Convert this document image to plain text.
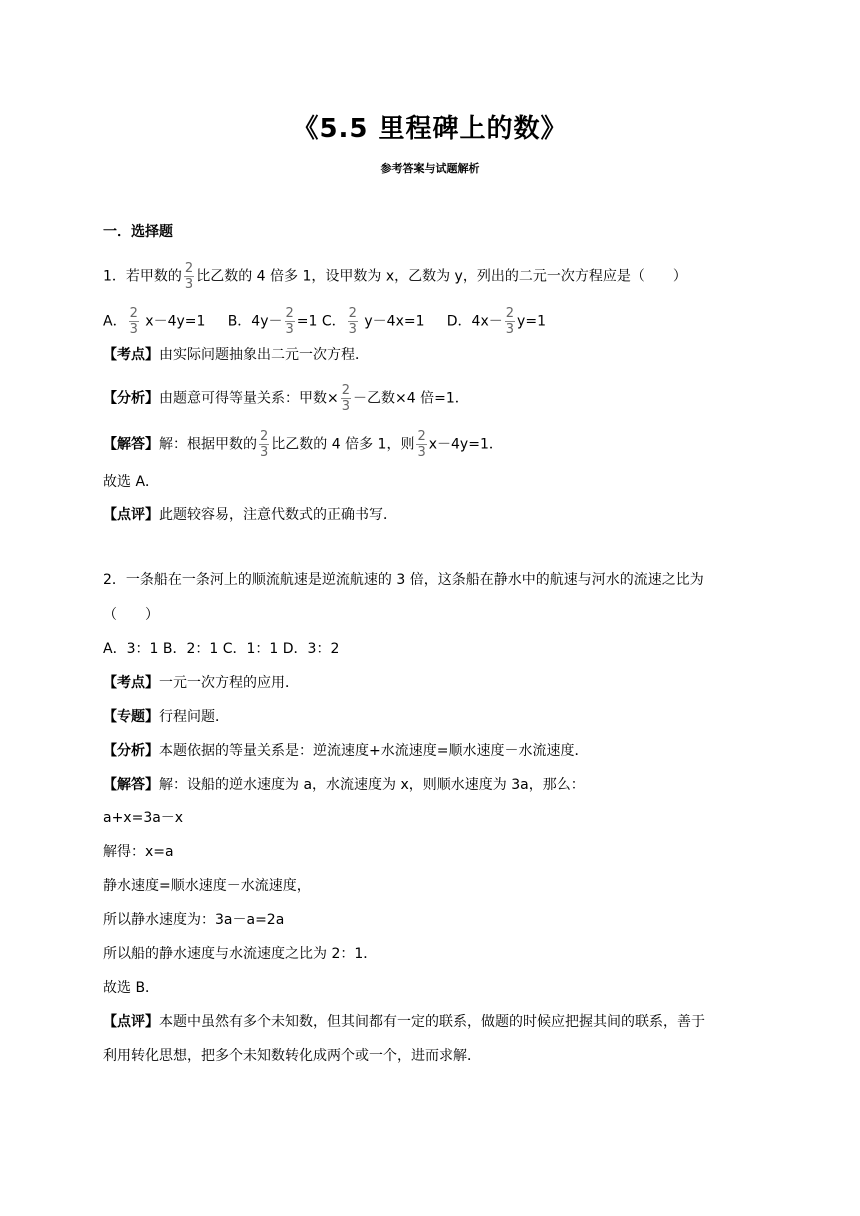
《5.5 里程碑上的数》
参考答案与试题解析
一．选择题
1．若甲数的 $\frac{2}{3}$ 比乙数的 4 倍多 1，设甲数为 x，乙数为 y，列出的二元一次方程应是（　　）
A． $\frac{2}{3} x-4y=1$ B．$4y- \frac{2}{3} =1$ C． $\frac{2}{3} y-4x=1$ D．$4x- \frac{2}{3} y=1$
【考点】由实际问题抽象出二元一次方程．
【分析】由题意可得等量关系：甲数× $\frac{2}{3}$ －乙数×4 倍=1．
【解答】解：根据甲数的 $\frac{2}{3}$ 比乙数的 4 倍多 1，则 $\frac{2}{3} x-4y=1$．
故选 A．
【点评】此题较容易，注意代数式的正确书写．
2．一条船在一条河上的顺流航速是逆流航速的 3 倍，这条船在静水中的航速与河水的流速之比为
（　　）
A．3：1 B．2：1 C．1：1 D．3：2
【考点】一元一次方程的应用．
【专题】行程问题．
【分析】本题依据的等量关系是：逆流速度+水流速度=顺水速度－水流速度．
【解答】解：设船的逆水速度为 a，水流速度为 x，则顺水速度为 3a，那么：
a+x=3a－x
解得：x=a
静水速度=顺水速度－水流速度，
所以静水速度为：3a－a=2a
所以船的静水速度与水流速度之比为 2：1．
故选 B．
【点评】本题中虽然有多个未知数，但其间都有一定的联系，做题的时候应把握其间的联系，善于
利用转化思想，把多个未知数转化成两个或一个，进而求解．
